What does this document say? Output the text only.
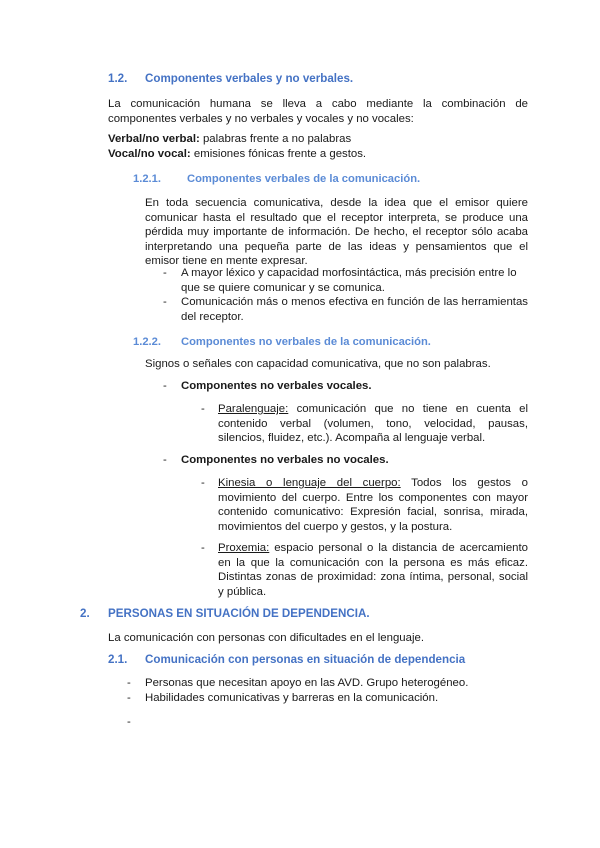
1.2. Componentes verbales y no verbales.
La comunicación humana se lleva a cabo mediante la combinación de componentes verbales y no verbales y vocales y no vocales:
Verbal/no verbal: palabras frente a no palabras
Vocal/no vocal: emisiones fónicas frente a gestos.
1.2.1. Componentes verbales de la comunicación.
En toda secuencia comunicativa, desde la idea que el emisor quiere comunicar hasta el resultado que el receptor interpreta, se produce una pérdida muy importante de información. De hecho, el receptor sólo acaba interpretando una pequeña parte de las ideas y pensamientos que el emisor tiene en mente expresar.
- A mayor léxico y capacidad morfosintáctica, más precisión entre lo que se quiere comunicar y se comunica.
- Comunicación más o menos efectiva en función de las herramientas del receptor.
1.2.2. Componentes no verbales de la comunicación.
Signos o señales con capacidad comunicativa, que no son palabras.
- Componentes no verbales vocales.
- Paralenguaje: comunicación que no tiene en cuenta el contenido verbal (volumen, tono, velocidad, pausas, silencios, fluidez, etc.). Acompaña al lenguaje verbal.
- Componentes no verbales no vocales.
- Kinesia o lenguaje del cuerpo: Todos los gestos o movimiento del cuerpo. Entre los componentes con mayor contenido comunicativo: Expresión facial, sonrisa, mirada, movimientos del cuerpo y gestos, y la postura.
- Proxemia: espacio personal o la distancia de acercamiento en la que la comunicación con la persona es más eficaz. Distintas zonas de proximidad: zona íntima, personal, social y pública.
2. PERSONAS EN SITUACIÓN DE DEPENDENCIA.
La comunicación con personas con dificultades en el lenguaje.
2.1. Comunicación con personas en situación de dependencia
- Personas que necesitan apoyo en las AVD. Grupo heterogéneo.
- Habilidades comunicativas y barreras en la comunicación.
-
